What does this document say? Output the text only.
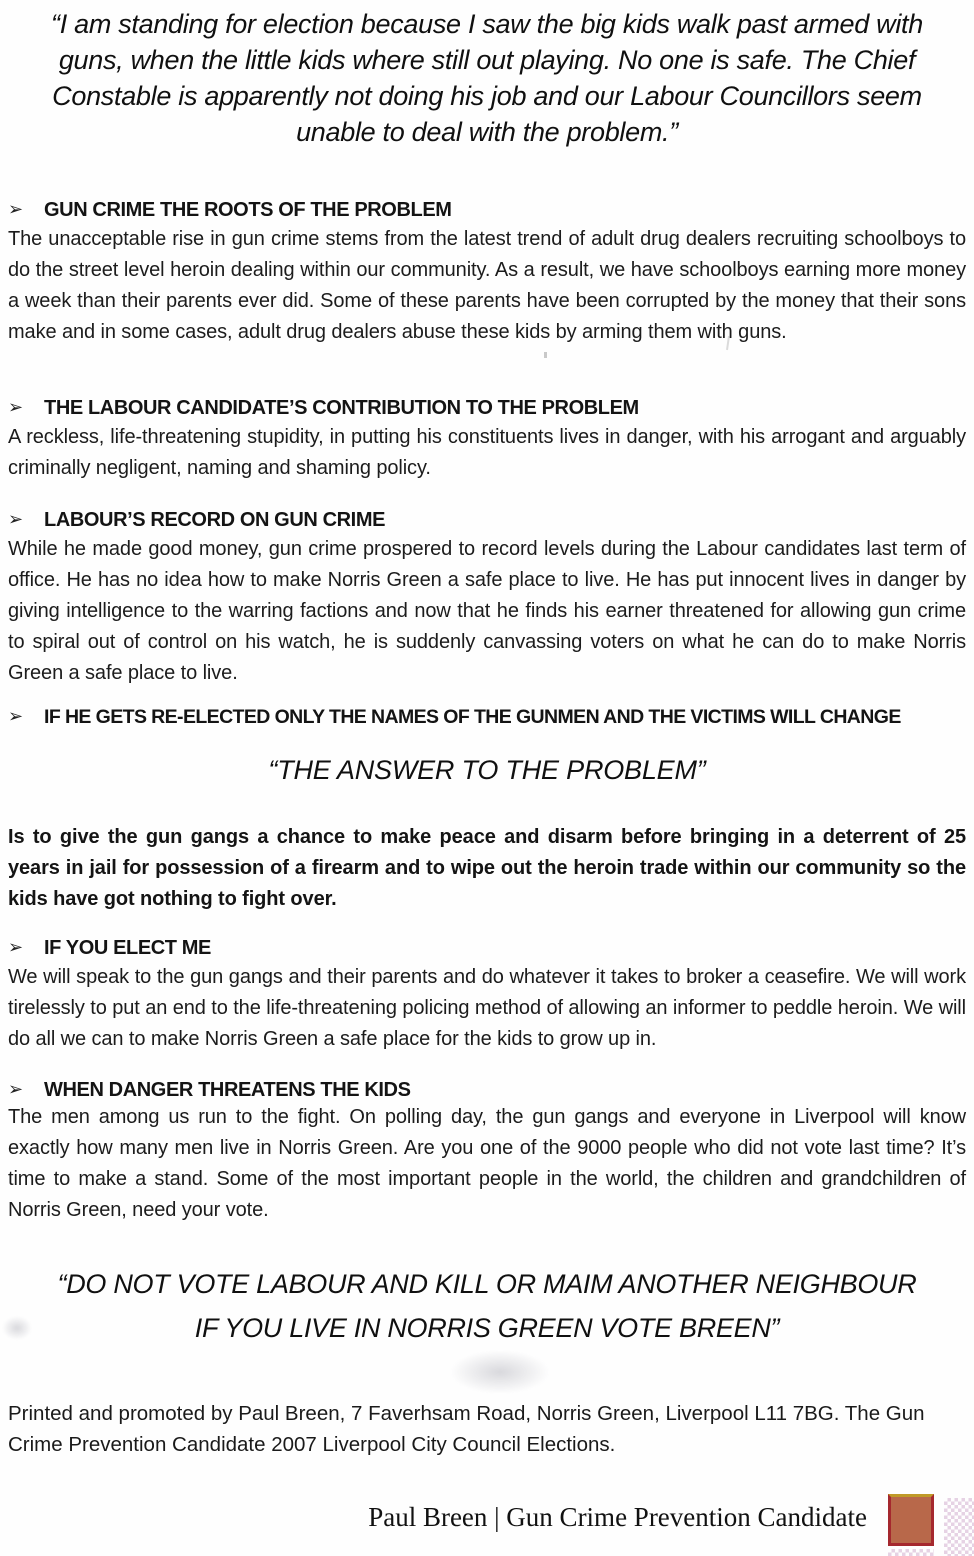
“I am standing for election because I saw the big kids walk past armed with
guns, when the little kids where still out playing. No one is safe. The Chief
Constable is apparently not doing his job and our Labour Councillors seem
unable to deal with the problem.”
➢	GUN CRIME THE ROOTS OF THE PROBLEM
The unacceptable rise in gun crime stems from the latest trend of adult drug dealers recruiting schoolboys to do the street level heroin dealing within our community. As a result, we have schoolboys earning more money a week than their parents ever did. Some of these parents have been corrupted by the money that their sons make and in some cases, adult drug dealers abuse these kids by arming them with guns.
➢	THE LABOUR CANDIDATE’S CONTRIBUTION TO THE PROBLEM
A reckless, life-threatening stupidity, in putting his constituents lives in danger, with his arrogant and arguably criminally negligent, naming and shaming policy.
➢	LABOUR’S RECORD ON GUN CRIME
While he made good money, gun crime prospered to record levels during the Labour candidates last term of office. He has no idea how to make Norris Green a safe place to live. He has put innocent lives in danger by giving intelligence to the warring factions and now that he finds his earner threatened for allowing gun crime to spiral out of control on his watch, he is suddenly canvassing voters on what he can do to make Norris Green a safe place to live.
➢	IF HE GETS RE-ELECTED ONLY THE NAMES OF THE GUNMEN AND THE VICTIMS WILL CHANGE
“THE ANSWER TO THE PROBLEM”
Is to give the gun gangs a chance to make peace and disarm before bringing in a deterrent of 25 years in jail for possession of a firearm and to wipe out the heroin trade within our community so the kids have got nothing to fight over.
➢	IF YOU ELECT ME
We will speak to the gun gangs and their parents and do whatever it takes to broker a ceasefire. We will work tirelessly to put an end to the life-threatening policing method of allowing an informer to peddle heroin. We will do all we can to make Norris Green a safe place for the kids to grow up in.
➢	WHEN DANGER THREATENS THE KIDS
The men among us run to the fight. On polling day, the gun gangs and everyone in Liverpool will know exactly how many men live in Norris Green. Are you one of the 9000 people who did not vote last time? It’s time to make a stand. Some of the most important people in the world, the children and grandchildren of Norris Green, need your vote.
“DO NOT VOTE LABOUR AND KILL OR MAIM ANOTHER NEIGHBOUR
IF YOU LIVE IN NORRIS GREEN VOTE BREEN”
Printed and promoted by Paul Breen, 7 Faverhsam Road, Norris Green, Liverpool L11 7BG. The Gun Crime Prevention Candidate 2007 Liverpool City Council Elections.
Paul Breen | Gun Crime Prevention Candidate
